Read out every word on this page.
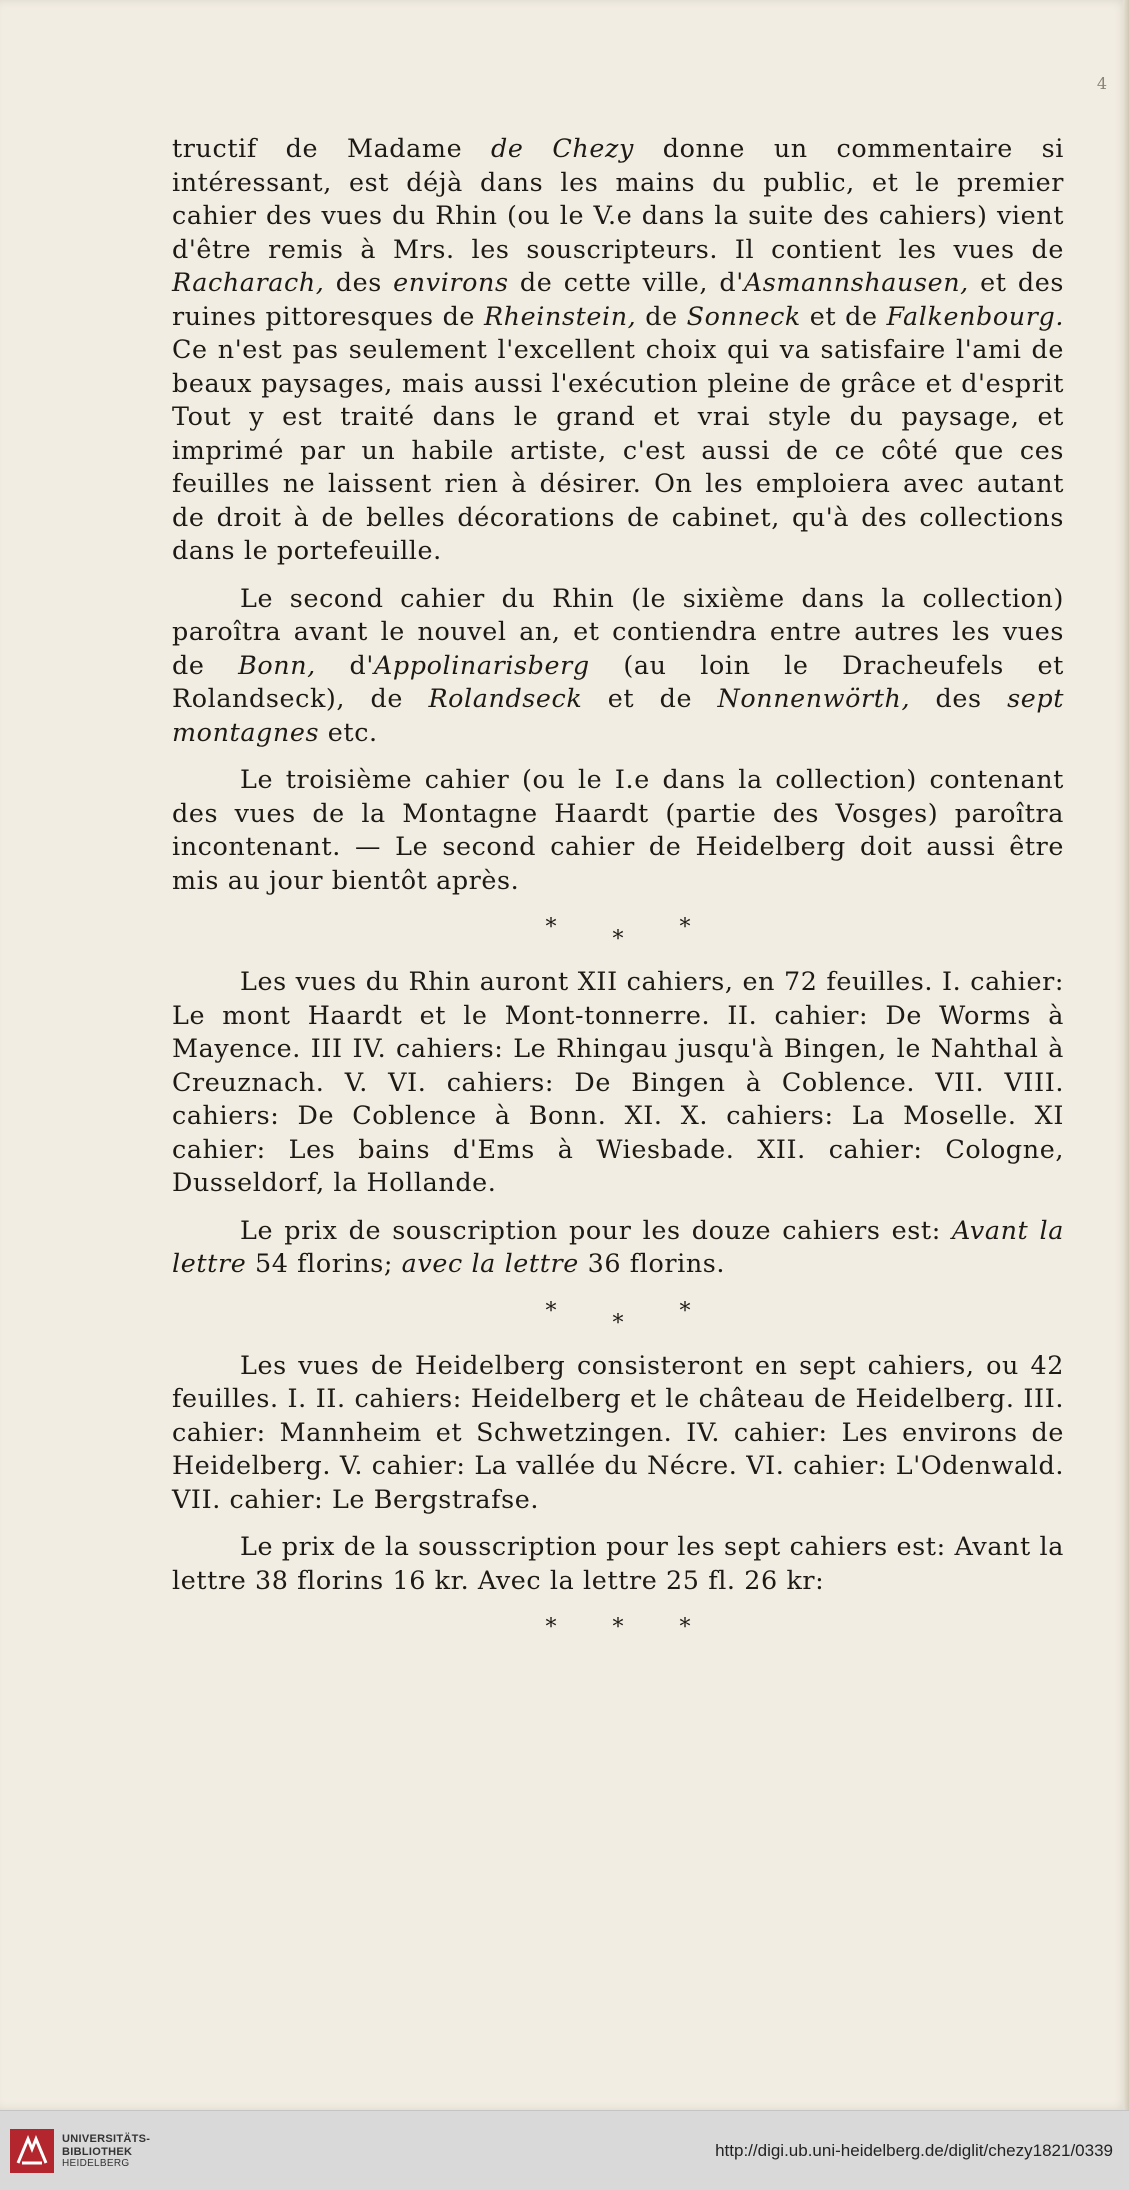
4

tructif de Madame de Chezy donne un commentaire si intéressant, est déjà dans les mains du public, et le premier cahier des vues du Rhin (ou le V.e dans la suite des cahiers) vient d'être remis à Mrs. les souscripteurs. Il contient les vues de Racharach, des environs de cette ville, d'Asmannshausen, et des ruines pittoresques de Rheinstein, de Sonneck et de Falkenbourg. Ce n'est pas seulement l'excellent choix qui va satisfaire l'ami de beaux paysages, mais aussi l'exécution pleine de grâce et d'esprit Tout y est traité dans le grand et vrai style du paysage, et imprimé par un habile artiste, c'est aussi de ce côté que ces feuilles ne laissent rien à désirer. On les emploiera avec autant de droit à de belles décorations de cabinet, qu'à des collections dans le portefeuille.

Le second cahier du Rhin (le sixième dans la collection) paroîtra avant le nouvel an, et contiendra entre autres les vues de Bonn, d'Appolinarisberg (au loin le Dracheufels et Rolandseck), de Rolandseck et de Nonnenwörth, des sept montagnes etc.

Le troisième cahier (ou le I.e dans la collection) contenant des vues de la Montagne Haardt (partie des Vosges) paroîtra incontenant. — Le second cahier de Heidelberg doit aussi être mis au jour bientôt après.

*	*	*

Les vues du Rhin auront XII cahiers, en 72 feuilles. I. cahier: Le mont Haardt et le Mont-tonnerre. II. cahier: De Worms à Mayence. III IV. cahiers: Le Rhingau jusqu'à Bingen, le Nahthal à Creuznach. V. VI. cahiers: De Bingen à Coblence. VII. VIII. cahiers: De Coblence à Bonn. XI. X. cahiers: La Moselle. XI cahier: Les bains d'Ems à Wiesbade. XII. cahier: Cologne, Dusseldorf, la Hollande.

Le prix de souscription pour les douze cahiers est: Avant la lettre 54 florins; avec la lettre 36 florins.

*	*	*

Les vues de Heidelberg consisteront en sept cahiers, ou 42 feuilles. I. II. cahiers: Heidelberg et le château de Heidelberg. III. cahier: Mannheim et Schwetzingen. IV. cahier: Les environs de Heidelberg. V. cahier: La vallée du Nécre. VI. cahier: L'Odenwald. VII. cahier: Le Bergstrafse.

Le prix de la sousscription pour les sept cahiers est: Avant la lettre 38 florins 16 kr. Avec la lettre 25 fl. 26 kr:

*	*	*
UNIVERSITÄTS-
BIBLIOTHEK
HEIDELBERG
http://digi.ub.uni-heidelberg.de/diglit/chezy1821/0339
